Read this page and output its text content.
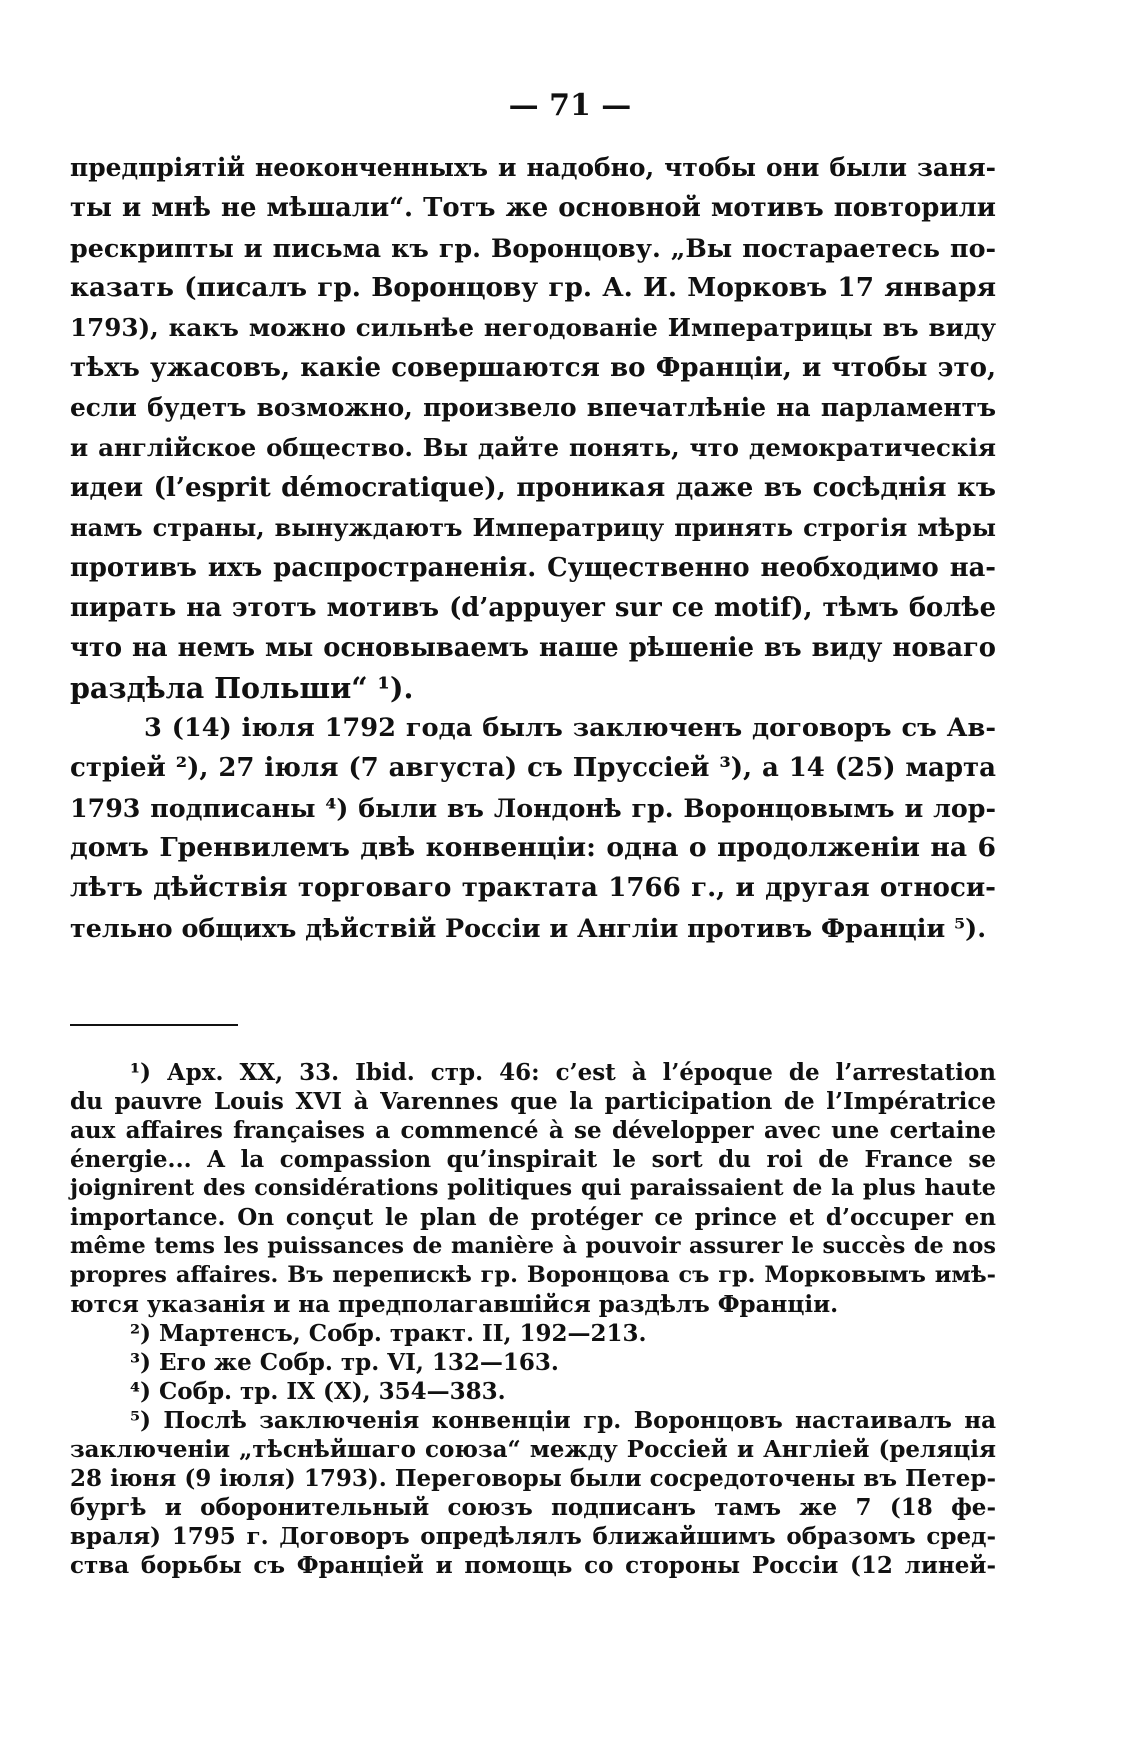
— 71 —
предпріятій неоконченныхъ и надобно, чтобы они были заня-
ты и мнѣ не мѣшали“. Тотъ же основной мотивъ повторили
рескрипты и письма къ гр. Воронцову. „Вы постараетесь по-
казать (писалъ гр. Воронцову гр. А. И. Морковъ 17 января
1793), какъ можно сильнѣе негодованіе Императрицы въ виду
тѣхъ ужасовъ, какіе совершаются во Франціи, и чтобы это,
если будетъ возможно, произвело впечатлѣніе на парламентъ
и англійское общество. Вы дайте понять, что демократическія
идеи (l’esprit démocratique), проникая даже въ сосѣднія къ
намъ страны, вынуждаютъ Императрицу принять строгія мѣры
противъ ихъ распространенія. Существенно необходимо на-
пирать на этотъ мотивъ (d’appuyer sur ce motif), тѣмъ болѣе
что на немъ мы основываемъ наше рѣшеніе въ виду новаго
раздѣла Польши“ ¹).
3 (14) іюля 1792 года былъ заключенъ договоръ съ Ав-
стріей ²), 27 іюля (7 августа) съ Пруссіей ³), а 14 (25) марта
1793 подписаны ⁴) были въ Лондонѣ гр. Воронцовымъ и лор-
домъ Гренвилемъ двѣ конвенціи: одна о продолженіи на 6
лѣтъ дѣйствія торговаго трактата 1766 г., и другая относи-
тельно общихъ дѣйствій Россіи и Англіи противъ Франціи ⁵).
¹) Арх. XX, 33. Ibid. стр. 46: c’est à l’époque de l’arrestation
du pauvre Louis XVI à Varennes que la participation de l’Impératrice
aux affaires françaises a commencé à se développer avec une certaine
énergie... A la compassion qu’inspirait le sort du roi de France se
joignirent des considérations politiques qui paraissaient de la plus haute
importance. On conçut le plan de protéger ce prince et d’occuper en
même tems les puissances de manière à pouvoir assurer le succès de nos
propres affaires. Въ перепискѣ гр. Воронцова съ гр. Морковымъ имѣ-
ются указанія и на предполагавшійся раздѣлъ Франціи.
²) Мартенсъ, Собр. тракт. II, 192—213.
³) Его же Собр. тр. VI, 132—163.
⁴) Собр. тр. IX (X), 354—383.
⁵) Послѣ заключенія конвенціи гр. Воронцовъ настаивалъ на
заключеніи „тѣснѣйшаго союза“ между Россіей и Англіей (реляція
28 іюня (9 іюля) 1793). Переговоры были сосредоточены въ Петер-
бургѣ и оборонительный союзъ подписанъ тамъ же 7 (18 фе-
враля) 1795 г. Договоръ опредѣлялъ ближайшимъ образомъ сред-
ства борьбы съ Франціей и помощь со стороны Россіи (12 линей-
